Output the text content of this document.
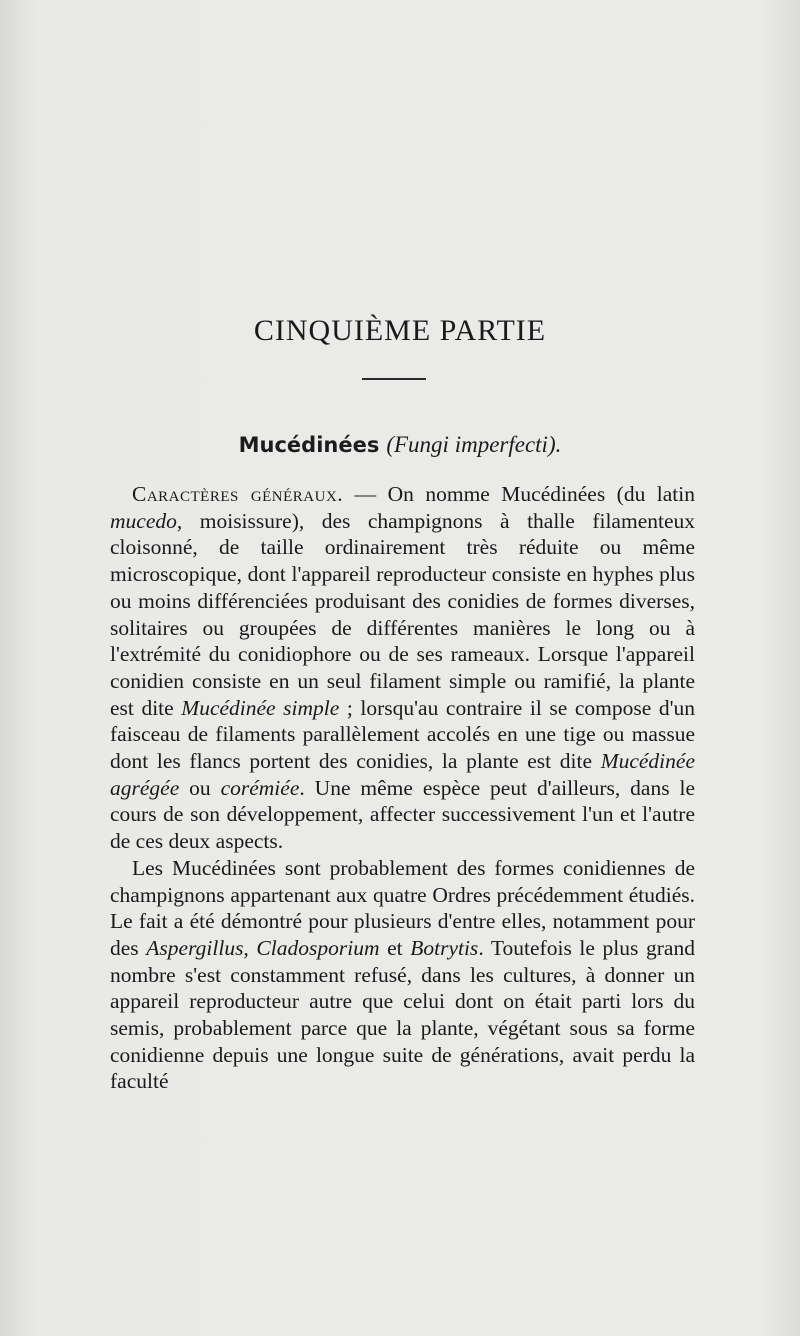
CINQUIÈME PARTIE
Mucédinées (Fungi imperfecti).

Caractères généraux. — On nomme Mucédinées (du latin mucedo, moisissure), des champignons à thalle filamenteux cloisonné, de taille ordinairement très réduite ou même microscopique, dont l'appareil reproducteur consiste en hyphes plus ou moins différenciées produisant des conidies de formes diverses, solitaires ou groupées de différentes manières le long ou à l'extrémité du conidiophore ou de ses rameaux. Lorsque l'appareil conidien consiste en un seul filament simple ou ramifié, la plante est dite Mucédinée simple ; lorsqu'au contraire il se compose d'un faisceau de filaments parallèlement accolés en une tige ou massue dont les flancs portent des conidies, la plante est dite Mucédinée agrégée ou corémiée. Une même espèce peut d'ailleurs, dans le cours de son développement, affecter successivement l'un et l'autre de ces deux aspects.

Les Mucédinées sont probablement des formes conidiennes de champignons appartenant aux quatre Ordres précédemment étudiés. Le fait a été démontré pour plusieurs d'entre elles, notamment pour des Aspergillus, Cladosporium et Botrytis. Toutefois le plus grand nombre s'est constamment refusé, dans les cultures, à donner un appareil reproducteur autre que celui dont on était parti lors du semis, probablement parce que la plante, végétant sous sa forme conidienne depuis une longue suite de générations, avait perdu la faculté
